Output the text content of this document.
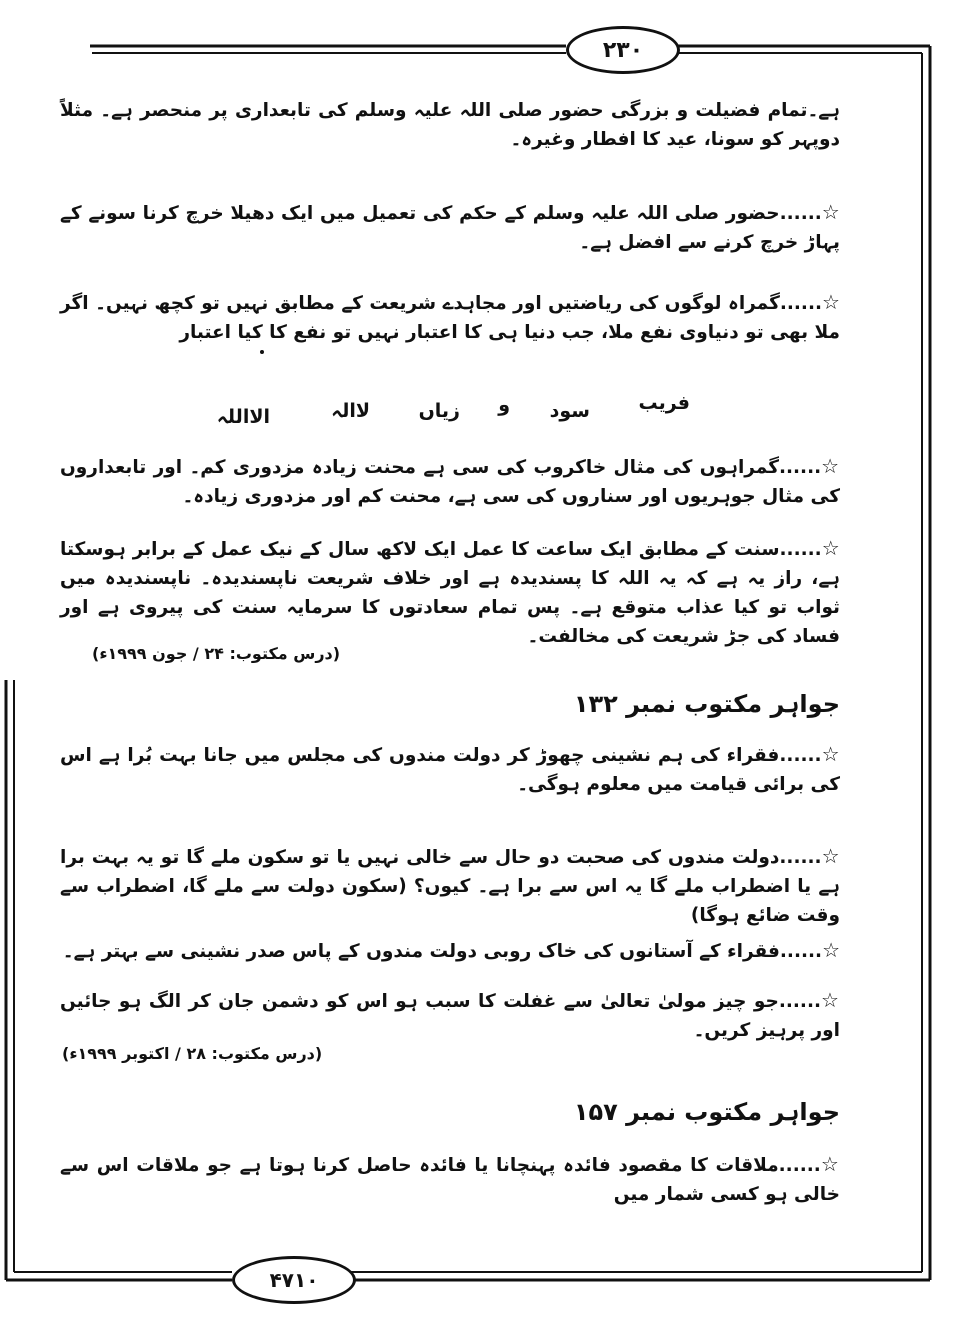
۲۳۰
ہے۔تمام فضیلت و بزرگی حضور صلی اللہ علیہ وسلم کی تابعداری پر منحصر ہے۔ مثلاً دوپہر کو سونا، عید کا افطار وغیرہ۔
☆......حضور صلی اللہ علیہ وسلم کے حکم کی تعمیل میں ایک دھیلا خرچ کرنا سونے کے پہاڑ خرچ کرنے سے افضل ہے۔
☆......گمراہ لوگوں کی ریاضتیں اور مجاہدے شریعت کے مطابق نہیں تو کچھ نہیں۔ اگر ملا بھی تو دنیاوی نفع ملا، جب دنیا ہی کا اعتبار نہیں تو نفع کا کیا اعتبار
فریب
سود
و
زیاں
لاالہ
الااللہ
☆......گمراہوں کی مثال خاکروب کی سی ہے محنت زیادہ مزدوری کم۔ اور تابعداروں کی مثال جوہریوں اور سناروں کی سی ہے، محنت کم اور مزدوری زیادہ۔
☆......سنت کے مطابق ایک ساعت کا عمل ایک لاکھ سال کے نیک عمل کے برابر ہوسکتا ہے، راز یہ ہے کہ یہ اللہ کا پسندیدہ ہے اور خلاف شریعت ناپسندیدہ۔ ناپسندیدہ میں ثواب تو کیا عذاب متوقع ہے۔ پس تمام سعادتوں کا سرمایہ سنت کی پیروی ہے اور فساد کی جڑ شریعت کی مخالفت۔
(درس مکتوب: ۲۴ / جون ۱۹۹۹ء)
جواہر مکتوب نمبر ۱۳۲
☆......فقراء کی ہم نشینی چھوڑ کر دولت مندوں کی مجلس میں جانا بہت بُرا ہے اس کی برائی قیامت میں معلوم ہوگی۔
☆......دولت مندوں کی صحبت دو حال سے خالی نہیں یا تو سکون ملے گا تو یہ بہت برا ہے یا اضطراب ملے گا یہ اس سے برا ہے۔ کیوں؟ (سکون دولت سے ملے گا، اضطراب سے وقت ضائع ہوگا)
☆......فقراء کے آستانوں کی خاک روبی دولت مندوں کے پاس صدر نشینی سے بہتر ہے۔
☆......جو چیز مولیٰ تعالیٰ سے غفلت کا سبب ہو اس کو دشمن جان کر الگ ہو جائیں اور پرہیز کریں۔
(درس مکتوب: ۲۸ / اکتوبر ۱۹۹۹ء)
جواہر مکتوب نمبر ۱۵۷
☆......ملاقات کا مقصود فائدہ پہنچانا یا فائدہ حاصل کرنا ہوتا ہے جو ملاقات اس سے خالی ہو کسی شمار میں
۴۷۱۰
